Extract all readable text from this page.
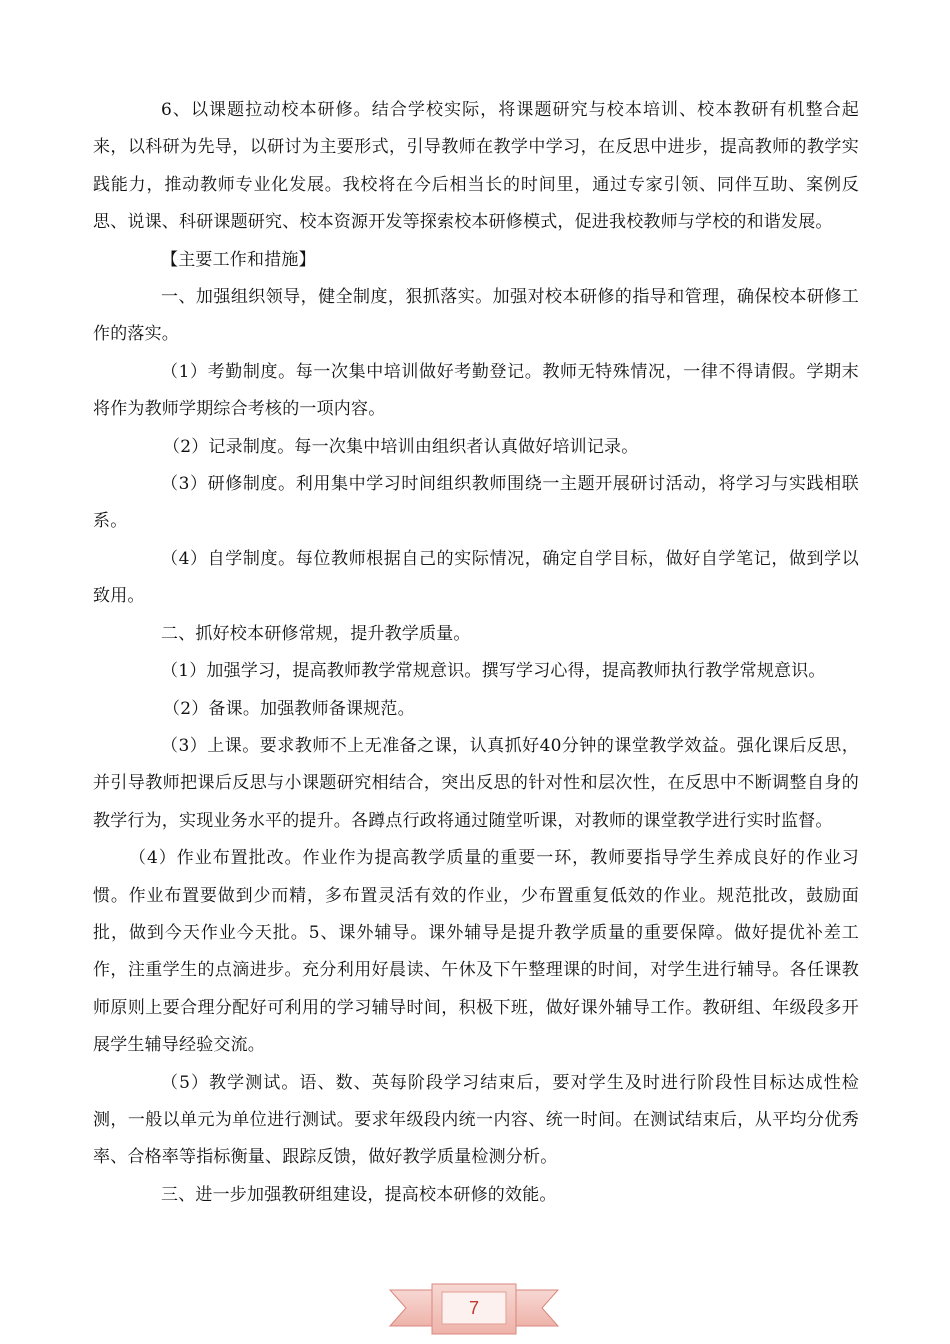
6、以课题拉动校本研修。结合学校实际，将课题研究与校本培训、校本教研有机整合起来，以科研为先导，以研讨为主要形式，引导教师在教学中学习，在反思中进步，提高教师的教学实践能力，推动教师专业化发展。我校将在今后相当长的时间里，通过专家引领、同伴互助、案例反思、说课、科研课题研究、校本资源开发等探索校本研修模式，促进我校教师与学校的和谐发展。

【主要工作和措施】

一、加强组织领导，健全制度，狠抓落实。加强对校本研修的指导和管理，确保校本研修工作的落实。

（1）考勤制度。每一次集中培训做好考勤登记。教师无特殊情况，一律不得请假。学期末将作为教师学期综合考核的一项内容。

（2）记录制度。每一次集中培训由组织者认真做好培训记录。

（3）研修制度。利用集中学习时间组织教师围绕一主题开展研讨活动，将学习与实践相联系。

（4）自学制度。每位教师根据自己的实际情况，确定自学目标，做好自学笔记，做到学以致用。

二、抓好校本研修常规，提升教学质量。

（1）加强学习，提高教师教学常规意识。撰写学习心得，提高教师执行教学常规意识。

（2）备课。加强教师备课规范。

（3）上课。要求教师不上无准备之课，认真抓好40分钟的课堂教学效益。强化课后反思，并引导教师把课后反思与小课题研究相结合，突出反思的针对性和层次性，在反思中不断调整自身的教学行为，实现业务水平的提升。各蹲点行政将通过随堂听课，对教师的课堂教学进行实时监督。

（4）作业布置批改。作业作为提高教学质量的重要一环，教师要指导学生养成良好的作业习惯。作业布置要做到少而精，多布置灵活有效的作业，少布置重复低效的作业。规范批改，鼓励面批，做到今天作业今天批。5、课外辅导。课外辅导是提升教学质量的重要保障。做好提优补差工作，注重学生的点滴进步。充分利用好晨读、午休及下午整理课的时间，对学生进行辅导。各任课教师原则上要合理分配好可利用的学习辅导时间，积极下班，做好课外辅导工作。教研组、年级段多开展学生辅导经验交流。

（5）教学测试。语、数、英每阶段学习结束后，要对学生及时进行阶段性目标达成性检测，一般以单元为单位进行测试。要求年级段内统一内容、统一时间。在测试结束后，从平均分优秀率、合格率等指标衡量、跟踪反馈，做好教学质量检测分析。

三、进一步加强教研组建设，提高校本研修的效能。

7
